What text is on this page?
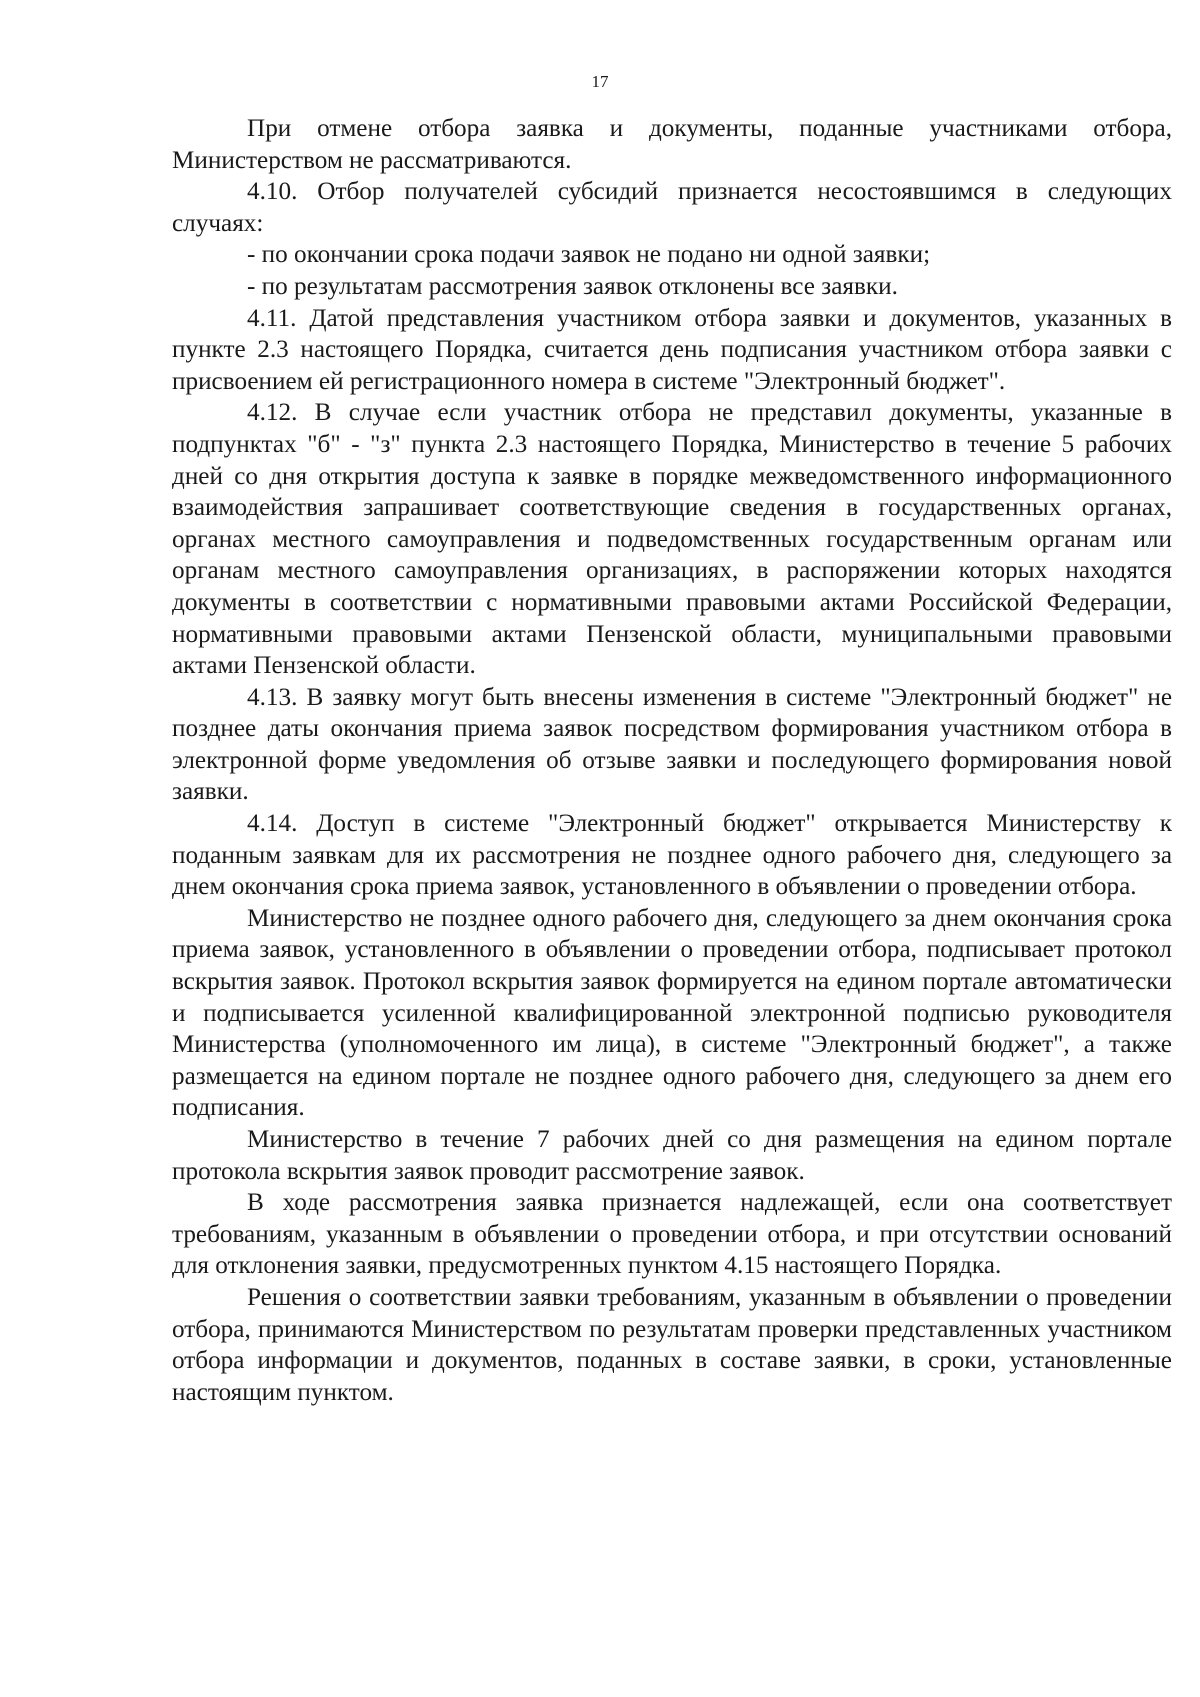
17

При отмене отбора заявка и документы, поданные участниками отбора, Министерством не рассматриваются.

4.10. Отбор получателей субсидий признается несостоявшимся в следующих случаях:

- по окончании срока подачи заявок не подано ни одной заявки;

- по результатам рассмотрения заявок отклонены все заявки.

4.11. Датой представления участником отбора заявки и документов, указанных в пункте 2.3 настоящего Порядка, считается день подписания участником отбора заявки с присвоением ей регистрационного номера в системе "Электронный бюджет".

4.12. В случае если участник отбора не представил документы, указанные в подпунктах "б" - "з" пункта 2.3 настоящего Порядка, Министерство в течение 5 рабочих дней со дня открытия доступа к заявке в порядке межведомственного информационного взаимодействия запрашивает соответствующие сведения в государственных органах, органах местного самоуправления и подведомственных государственным органам или органам местного самоуправления организациях, в распоряжении которых находятся документы в соответствии с нормативными правовыми актами Российской Федерации, нормативными правовыми актами Пензенской области, муниципальными правовыми актами Пензенской области.

4.13. В заявку могут быть внесены изменения в системе "Электронный бюджет" не позднее даты окончания приема заявок посредством формирования участником отбора в электронной форме уведомления об отзыве заявки и последующего формирования новой заявки.

4.14. Доступ в системе "Электронный бюджет" открывается Министерству к поданным заявкам для их рассмотрения не позднее одного рабочего дня, следующего за днем окончания срока приема заявок, установленного в объявлении о проведении отбора.

Министерство не позднее одного рабочего дня, следующего за днем окончания срока приема заявок, установленного в объявлении о проведении отбора, подписывает протокол вскрытия заявок. Протокол вскрытия заявок формируется на едином портале автоматически и подписывается усиленной квалифицированной электронной подписью руководителя Министерства (уполномоченного им лица), в системе "Электронный бюджет", а также размещается на едином портале не позднее одного рабочего дня, следующего за днем его подписания.

Министерство в течение 7 рабочих дней со дня размещения на едином портале протокола вскрытия заявок проводит рассмотрение заявок.

В ходе рассмотрения заявка признается надлежащей, если она соответствует требованиям, указанным в объявлении о проведении отбора, и при отсутствии оснований для отклонения заявки, предусмотренных пунктом 4.15 настоящего Порядка.

Решения о соответствии заявки требованиям, указанным в объявлении о проведении отбора, принимаются Министерством по результатам проверки представленных участником отбора информации и документов, поданных в составе заявки, в сроки, установленные настоящим пунктом.
